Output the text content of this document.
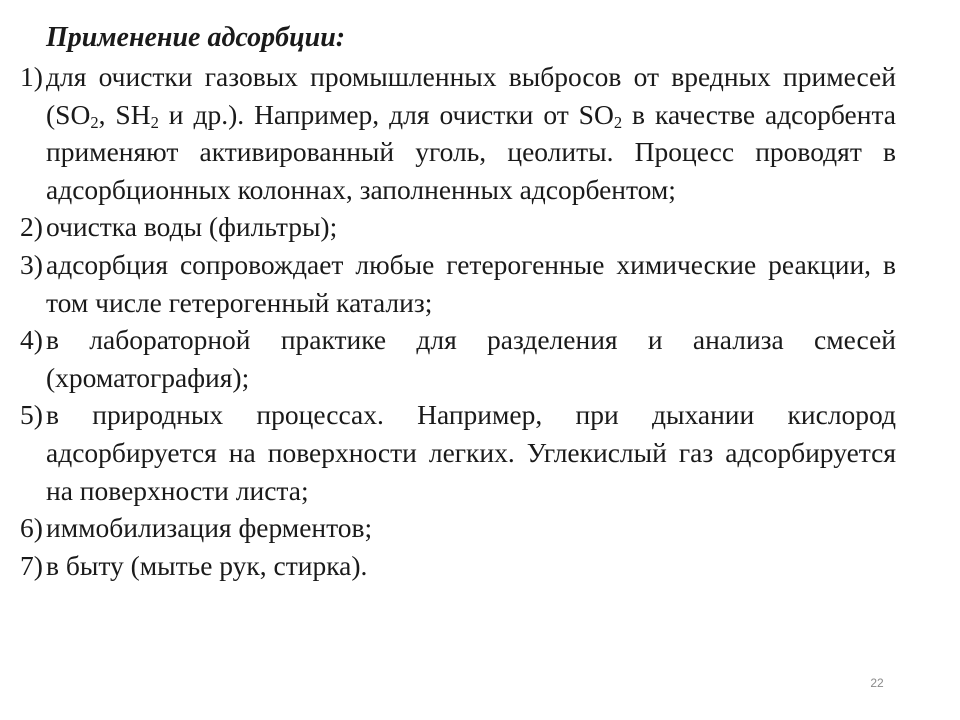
Применение адсорбции:
1) для очистки газовых промышленных выбросов от вредных примесей ($SO_2$, $SH_2$ и др.). Например, для очистки от $SO_2$ в качестве адсорбента применяют активированный уголь, цеолиты. Процесс проводят в адсорбционных колоннах, заполненных адсорбентом;
2) очистка воды (фильтры);
3) адсорбция сопровождает любые гетерогенные химические реакции, в том числе гетерогенный катализ;
4) в лабораторной практике для разделения и анализа смесей (хроматография);
5) в природных процессах. Например, при дыхании кислород адсорбируется на поверхности легких. Углекислый газ адсорбируется на поверхности листа;
6) иммобилизация ферментов;
7) в быту (мытье рук, стирка).
22
